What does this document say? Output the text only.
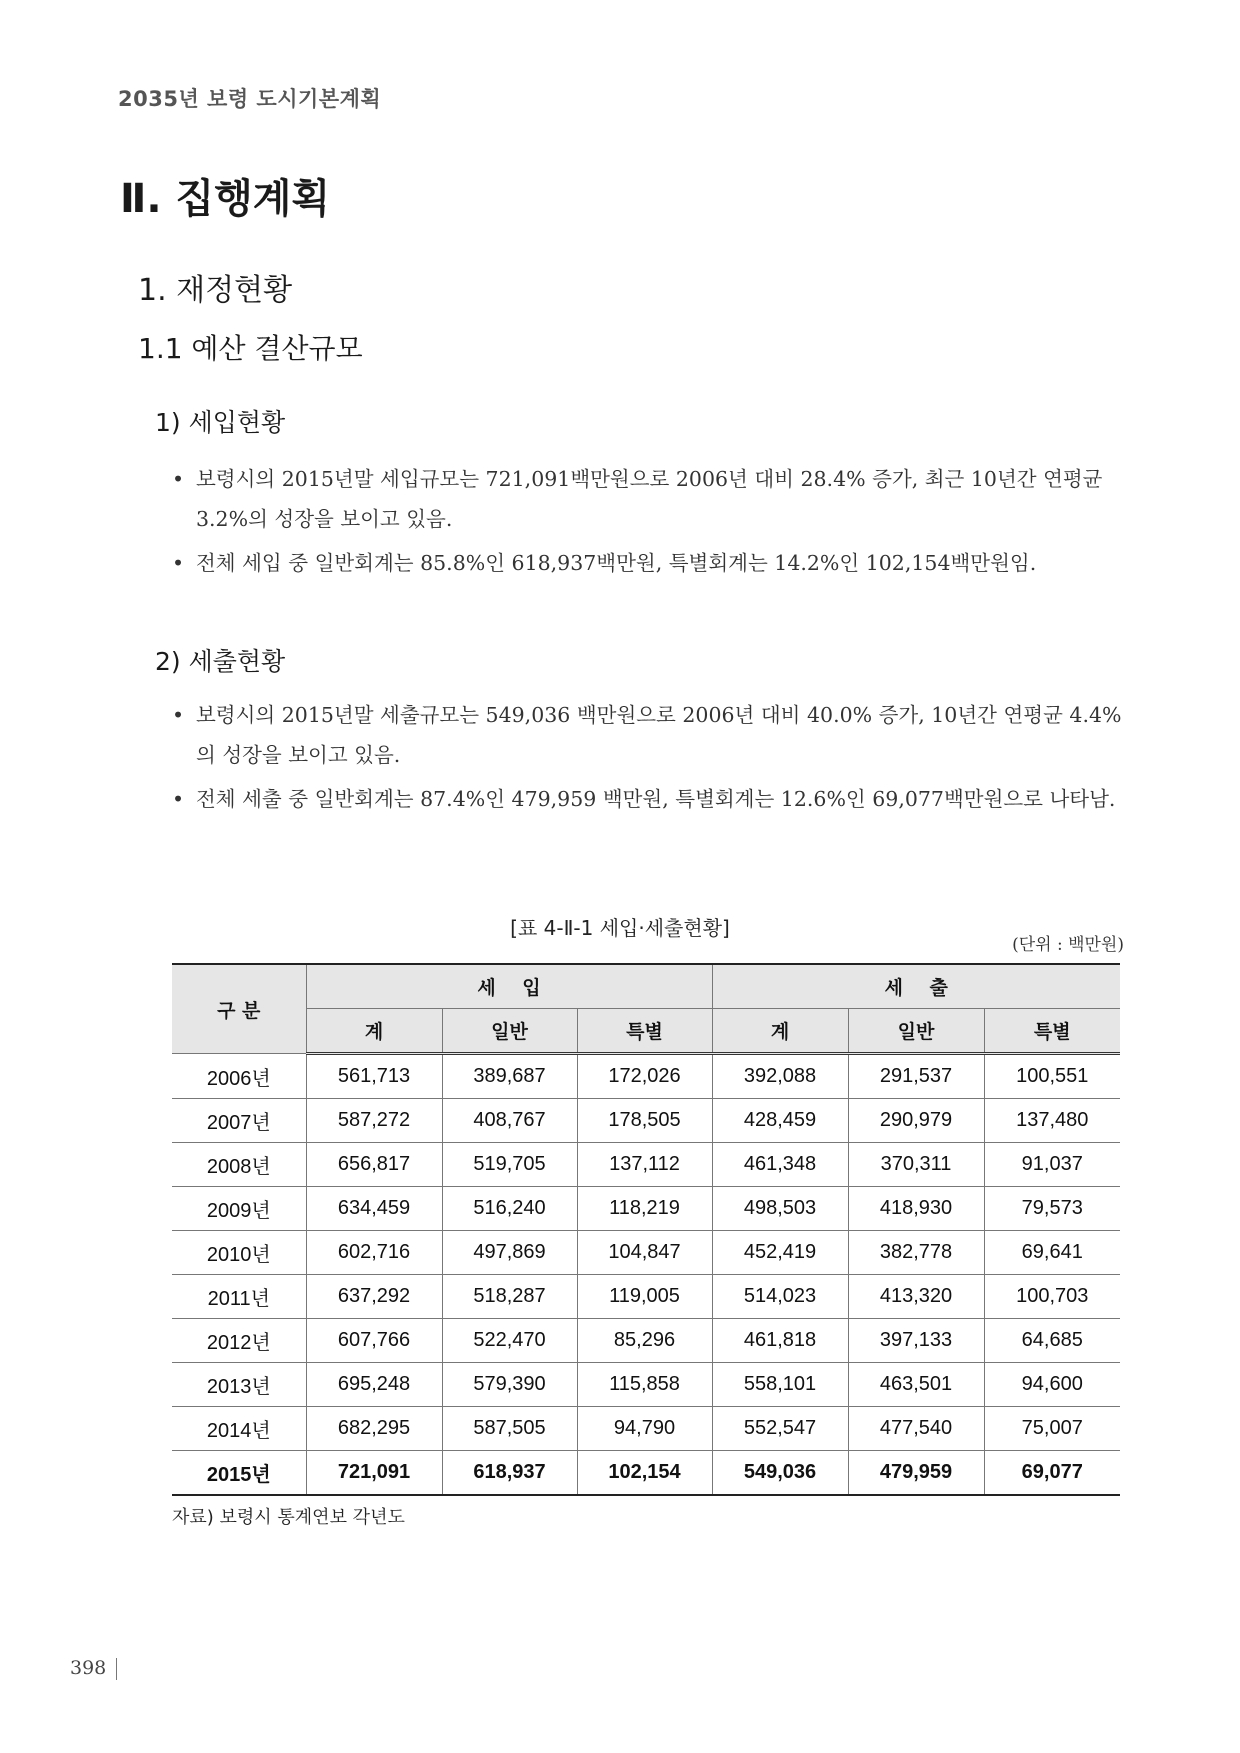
2035년 보령 도시기본계획
Ⅱ. 집행계획
1. 재정현황
1.1 예산 결산규모
1) 세입현황
• 보령시의 2015년말 세입규모는 721,091백만원으로 2006년 대비 28.4% 증가, 최근 10년간 연평균 3.2%의 성장을 보이고 있음.
• 전체 세입 중 일반회계는 85.8%인 618,937백만원, 특별회계는 14.2%인 102,154백만원임.
2) 세출현황
• 보령시의 2015년말 세출규모는 549,036 백만원으로 2006년 대비 40.0% 증가, 10년간 연평균 4.4%의 성장을 보이고 있음.
• 전체 세출 중 일반회계는 87.4%인 479,959 백만원, 특별회계는 12.6%인 69,077백만원으로 나타남.
[표 4-Ⅱ-1 세입·세출현황]
(단위 : 백만원)
구 분	세    입			세    출		
	계	일반	특별	계	일반	특별
2006년	561,713	389,687	172,026	392,088	291,537	100,551
2007년	587,272	408,767	178,505	428,459	290,979	137,480
2008년	656,817	519,705	137,112	461,348	370,311	91,037
2009년	634,459	516,240	118,219	498,503	418,930	79,573
2010년	602,716	497,869	104,847	452,419	382,778	69,641
2011년	637,292	518,287	119,005	514,023	413,320	100,703
2012년	607,766	522,470	85,296	461,818	397,133	64,685
2013년	695,248	579,390	115,858	558,101	463,501	94,600
2014년	682,295	587,505	94,790	552,547	477,540	75,007
2015년	721,091	618,937	102,154	549,036	479,959	69,077
자료) 보령시 통계연보 각년도
398
